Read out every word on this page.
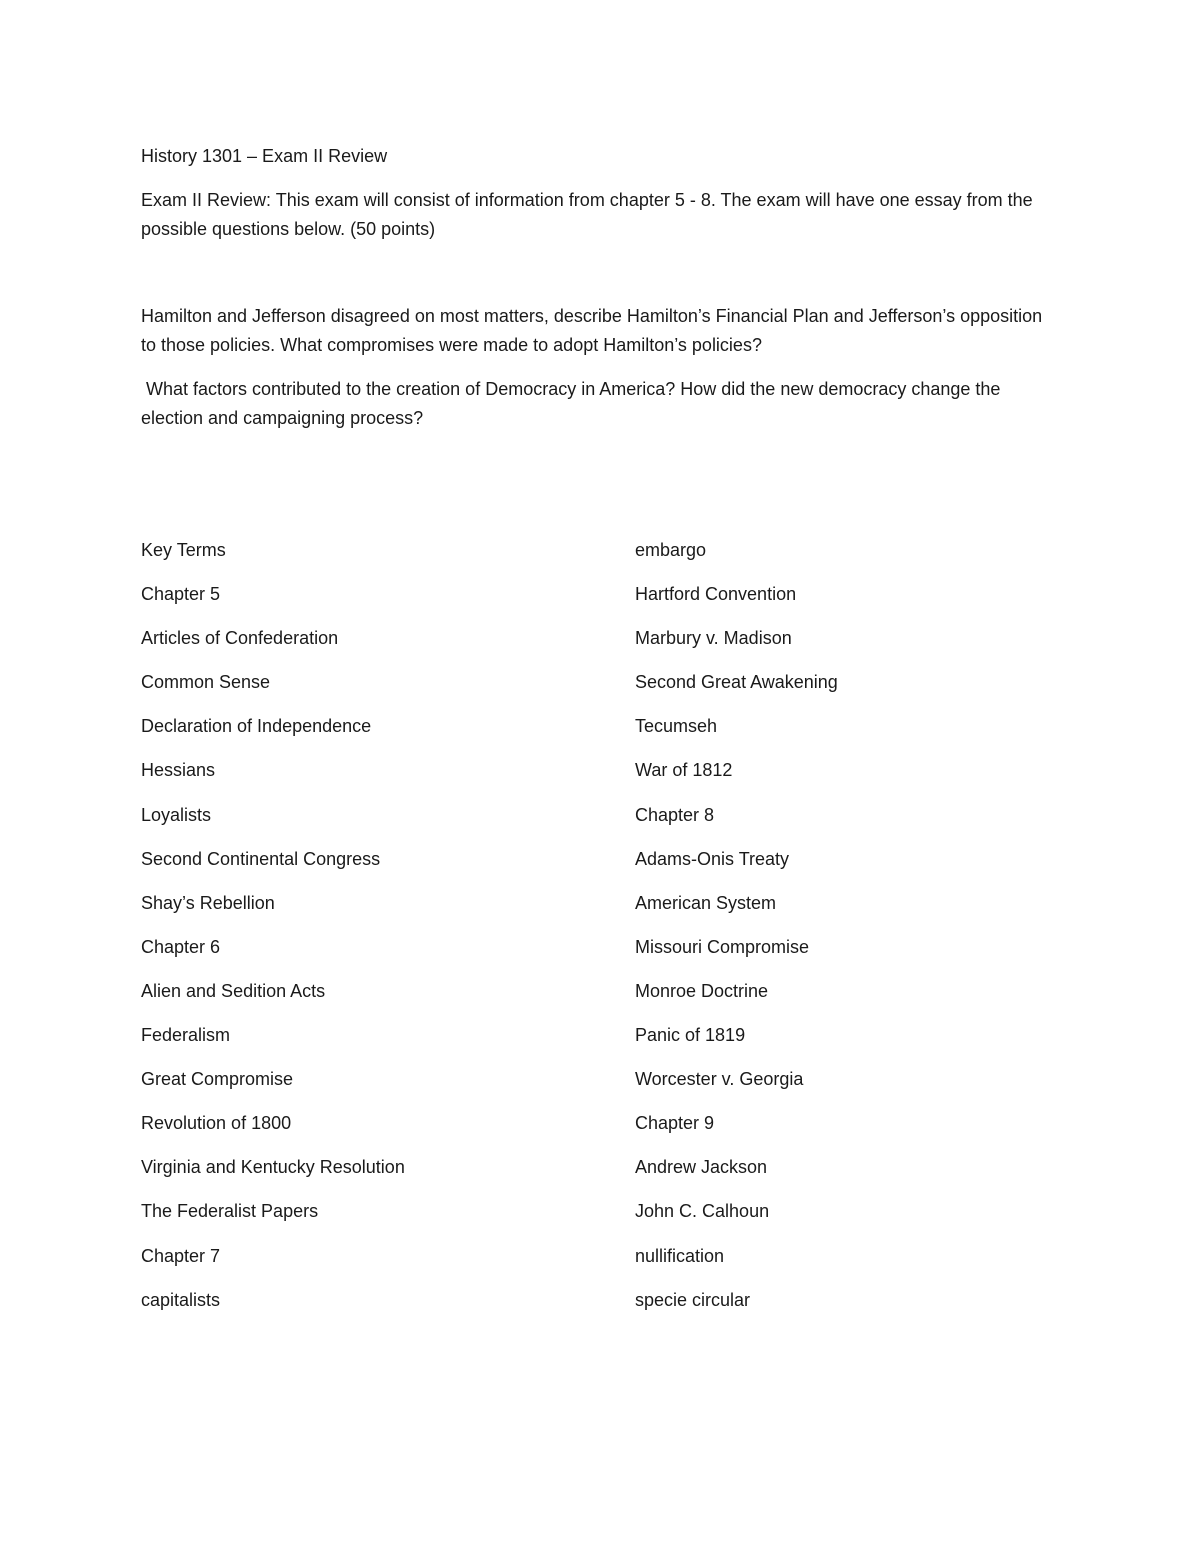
History 1301 – Exam II Review
Exam II Review: This exam will consist of information from chapter 5 - 8. The exam will have one essay from the possible questions below. (50 points)
Hamilton and Jefferson disagreed on most matters, describe Hamilton’s Financial Plan and Jefferson’s opposition to those policies. What compromises were made to adopt Hamilton’s policies?
What factors contributed to the creation of Democracy in America? How did the new democracy change the election and campaigning process?
Key Terms
Chapter 5
Articles of Confederation
Common Sense
Declaration of Independence
Hessians
Loyalists
Second Continental Congress
Shay’s Rebellion
Chapter 6
Alien and Sedition Acts
Federalism
Great Compromise
Revolution of 1800
Virginia and Kentucky Resolution
The Federalist Papers
Chapter 7
capitalists
embargo
Hartford Convention
Marbury v. Madison
Second Great Awakening
Tecumseh
War of 1812
Chapter 8
Adams-Onis Treaty
American System
Missouri Compromise
Monroe Doctrine
Panic of 1819
Worcester v. Georgia
Chapter 9
Andrew Jackson
John C. Calhoun
nullification
specie circular
